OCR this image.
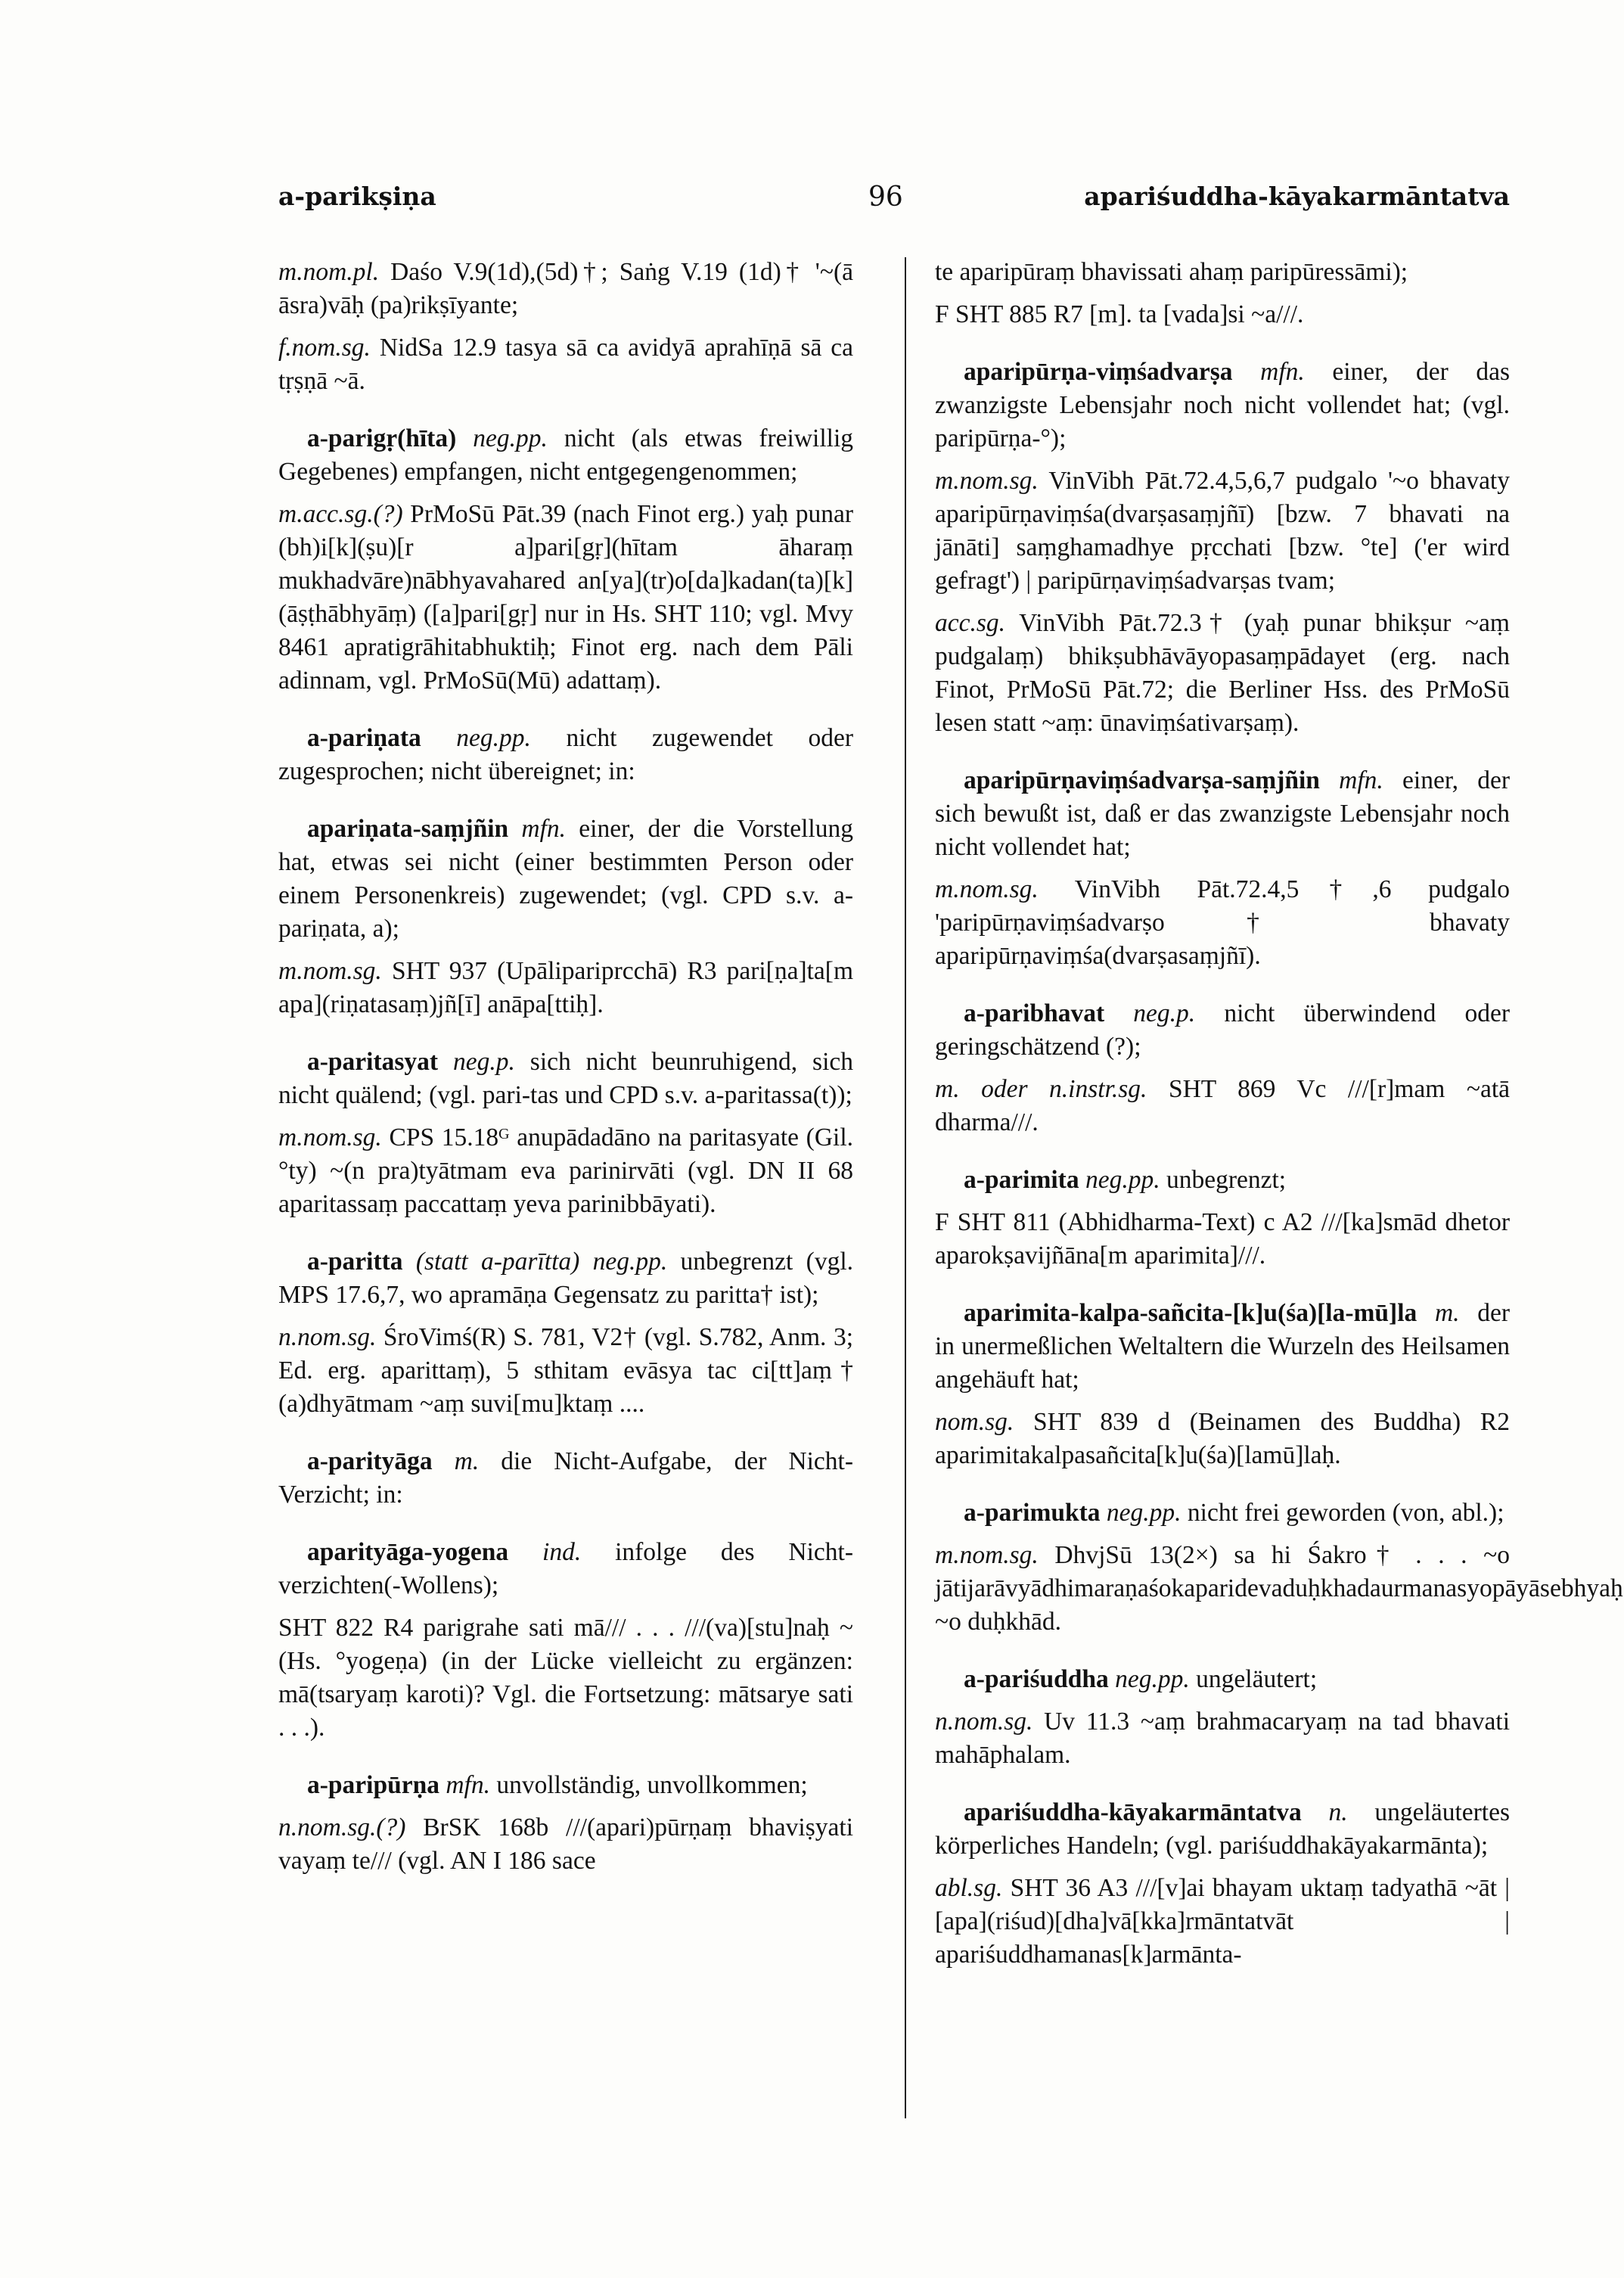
a-parikṣiṇa	96	apariśuddha-kāyakarmāntatva

m.nom.pl. Daśo V.9(1d),(5d)†; Saṅg V.19 (1d)† '~(ā āsra)vāḥ (pa)rikṣīyante;

f.nom.sg. NidSa 12.9 tasya sā ca avidyā aprahīṇā sā ca tṛṣṇā ~ā.

a-parigṛ(hīta) neg.pp. nicht (als etwas freiwillig Gegebenes) empfangen, nicht entgegengenommen;

m.acc.sg.(?) PrMoSū Pāt.39 (nach Finot erg.) yaḥ punar (bh)i[k](ṣu)[r a]pari[gṛ](hītam āharaṃ mukhadvāre)nābhyavahared an[ya](tr)o[da]kadan(ta)[k](āṣṭhābhyāṃ) ([a]pari[gṛ] nur in Hs. SHT 110; vgl. Mvy 8461 apratigrāhitabhuktiḥ; Finot erg. nach dem Pāli adinnam, vgl. PrMoSū(Mū) adattaṃ).

a-pariṇata neg.pp. nicht zugewendet oder zugesprochen; nicht übereignet; in:

apariṇata-saṃjñin mfn. einer, der die Vorstellung hat, etwas sei nicht (einer bestimmten Person oder einem Personenkreis) zugewendet; (vgl. CPD s.v. a-pariṇata, a);

m.nom.sg. SHT 937 (Upālipariprcchā) R3 pari[ṇa]ta[m apa](riṇatasaṃ)jñ[ī] anāpa[ttiḥ].

a-paritasyat neg.p. sich nicht beunruhigend, sich nicht quälend; (vgl. pari-tas und CPD s.v. a-paritassa(t));

m.nom.sg. CPS 15.18ᴳ anupādadāno na paritasyate (Gil. °ty) ~(n pra)tyātmam eva parinirvāti (vgl. DN II 68 aparitassaṃ paccattaṃ yeva parinibbāyati).

a-paritta (statt a-parītta) neg.pp. unbegrenzt (vgl. MPS 17.6,7, wo apramāṇa Gegensatz zu parittа† ist);

n.nom.sg. ŚroVimś(R) S. 781, V2† (vgl. S.782, Anm. 3; Ed. erg. aparittaṃ), 5 sthitam evāsya tac ci[tt]aṃ† (a)dhyātmam ~aṃ suvi[mu]ktaṃ ....

a-parityāga m. die Nicht-Aufgabe, der Nicht-Verzicht; in:

aparityāga-yogena ind. infolge des Nicht-verzichten(-Wollens);

SHT 822 R4 parigrahe sati mā/// . . . ///(va)[stu]naḥ ~ (Hs. °yogeṇa) (in der Lücke vielleicht zu ergänzen: mā(tsaryaṃ karoti)? Vgl. die Fortsetzung: mātsarye sati . . .).

a-paripūrṇa mfn. unvollständig, unvollkommen;

n.nom.sg.(?) BrSK 168b ///(apari)pūrṇaṃ bhaviṣyati vayaṃ te/// (vgl. AN I 186 sace

te aparipūraṃ bhavissati ahaṃ paripūressāmi);

F SHT 885 R7 [m]. ta [vada]si ~a///.

aparipūrṇa-viṃśadvarṣa mfn. einer, der das zwanzigste Lebensjahr noch nicht vollendet hat; (vgl. paripūrṇa-°);

m.nom.sg. VinVibh Pāt.72.4,5,6,7 pudgalo '~o bhavaty aparipūrṇaviṃśa(dvarṣasaṃjñī) [bzw. 7 bhavati na jānāti] saṃghamadhye pṛcchati [bzw. °te] ('er wird gefragt') | paripūrṇaviṃśadvarṣas tvam;

acc.sg. VinVibh Pāt.72.3† (yaḥ punar bhikṣur ~aṃ pudgalaṃ) bhikṣubhāvāyopasaṃpādayet (erg. nach Finot, PrMoSū Pāt.72; die Berliner Hss. des PrMoSū lesen statt ~aṃ: ūnaviṃśativarṣaṃ).

aparipūrṇaviṃśadvarṣa-saṃjñin mfn. einer, der sich bewußt ist, daß er das zwanzigste Lebensjahr noch nicht vollendet hat;

m.nom.sg. VinVibh Pāt.72.4,5†,6 pudgalo 'paripūrṇaviṃśadvarṣo† bhavaty aparipūrṇaviṃśa(dvarṣasaṃjñī).

a-paribhavat neg.p. nicht überwindend oder geringschätzend (?);

m. oder n.instr.sg. SHT 869 Vc ///[r]mam ~atā dharma///.

a-parimita neg.pp. unbegrenzt;

F SHT 811 (Abhidharma-Text) c A2 ///[ka]smād dhetor aparokṣavijñāna[m aparimita]///.

aparimita-kalpa-sañcita-[k]u(śa)[la-mū]la m. der in unermeßlichen Weltaltern die Wurzeln des Heilsamen angehäuft hat;

nom.sg. SHT 839 d (Beinamen des Buddha) R2 aparimitakalpasañcita[k]u(śa)[lamū]laḥ.

a-parimukta neg.pp. nicht frei geworden (von, abl.);

m.nom.sg. DhvjSū 13(2×) sa hi Śakro† . . . ~o jātijarāvyādhimaraṇaśokaparidevaduḥkhadaurmanasyopāyāsebhyaḥ ~o duḥkhād.

a-pariśuddha neg.pp. ungeläutert;

n.nom.sg. Uv 11.3 ~aṃ brahmacaryaṃ na tad bhavati mahāphalam.

apariśuddha-kāyakarmāntatva n. ungeläutertes körperliches Handeln; (vgl. pariśuddhakāyakarmānta);

abl.sg. SHT 36 A3 ///[v]ai bhayam uktaṃ tadyathā ~āt | [apa](riśud)[dha]vā[kka]rmāntatvāt | apariśuddhamanas[k]armānta-
